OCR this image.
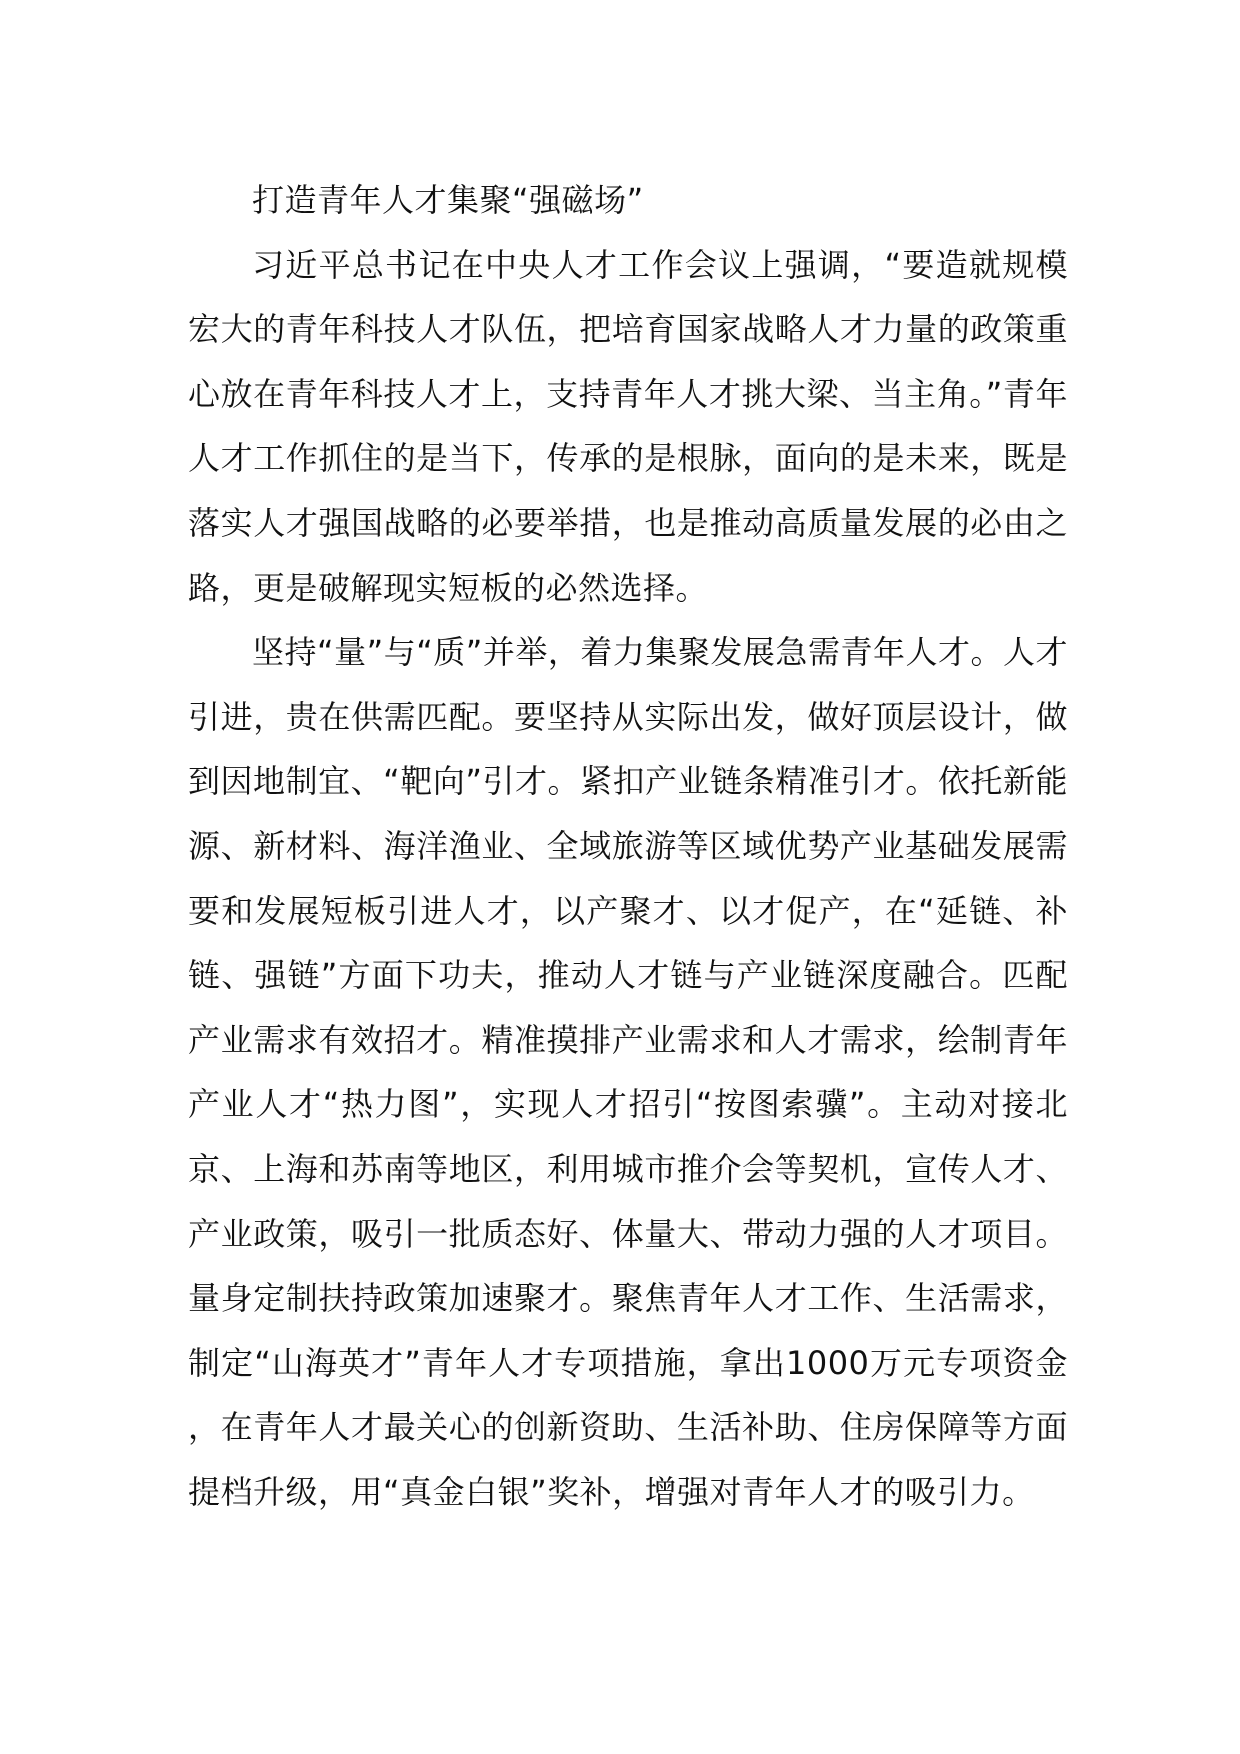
打造青年人才集聚“强磁场”

习近平总书记在中央人才工作会议上强调，“要造就规模宏大的青年科技人才队伍，把培育国家战略人才力量的政策重心放在青年科技人才上，支持青年人才挑大梁、当主角。”青年人才工作抓住的是当下，传承的是根脉，面向的是未来，既是落实人才强国战略的必要举措，也是推动高质量发展的必由之路，更是破解现实短板的必然选择。

坚持“量”与“质”并举，着力集聚发展急需青年人才。人才引进，贵在供需匹配。要坚持从实际出发，做好顶层设计，做到因地制宜、“靶向”引才。紧扣产业链条精准引才。依托新能源、新材料、海洋渔业、全域旅游等区域优势产业基础发展需要和发展短板引进人才，以产聚才、以才促产，在“延链、补链、强链”方面下功夫，推动人才链与产业链深度融合。匹配产业需求有效招才。精准摸排产业需求和人才需求，绘制青年产业人才“热力图”，实现人才招引“按图索骥”。主动对接北京、上海和苏南等地区，利用城市推介会等契机，宣传人才、产业政策，吸引一批质态好、体量大、带动力强的人才项目。量身定制扶持政策加速聚才。聚焦青年人才工作、生活需求，制定“山海英才”青年人才专项措施，拿出1000万元专项资金，在青年人才最关心的创新资助、生活补助、住房保障等方面提档升级，用“真金白银”奖补，增强对青年人才的吸引力。
